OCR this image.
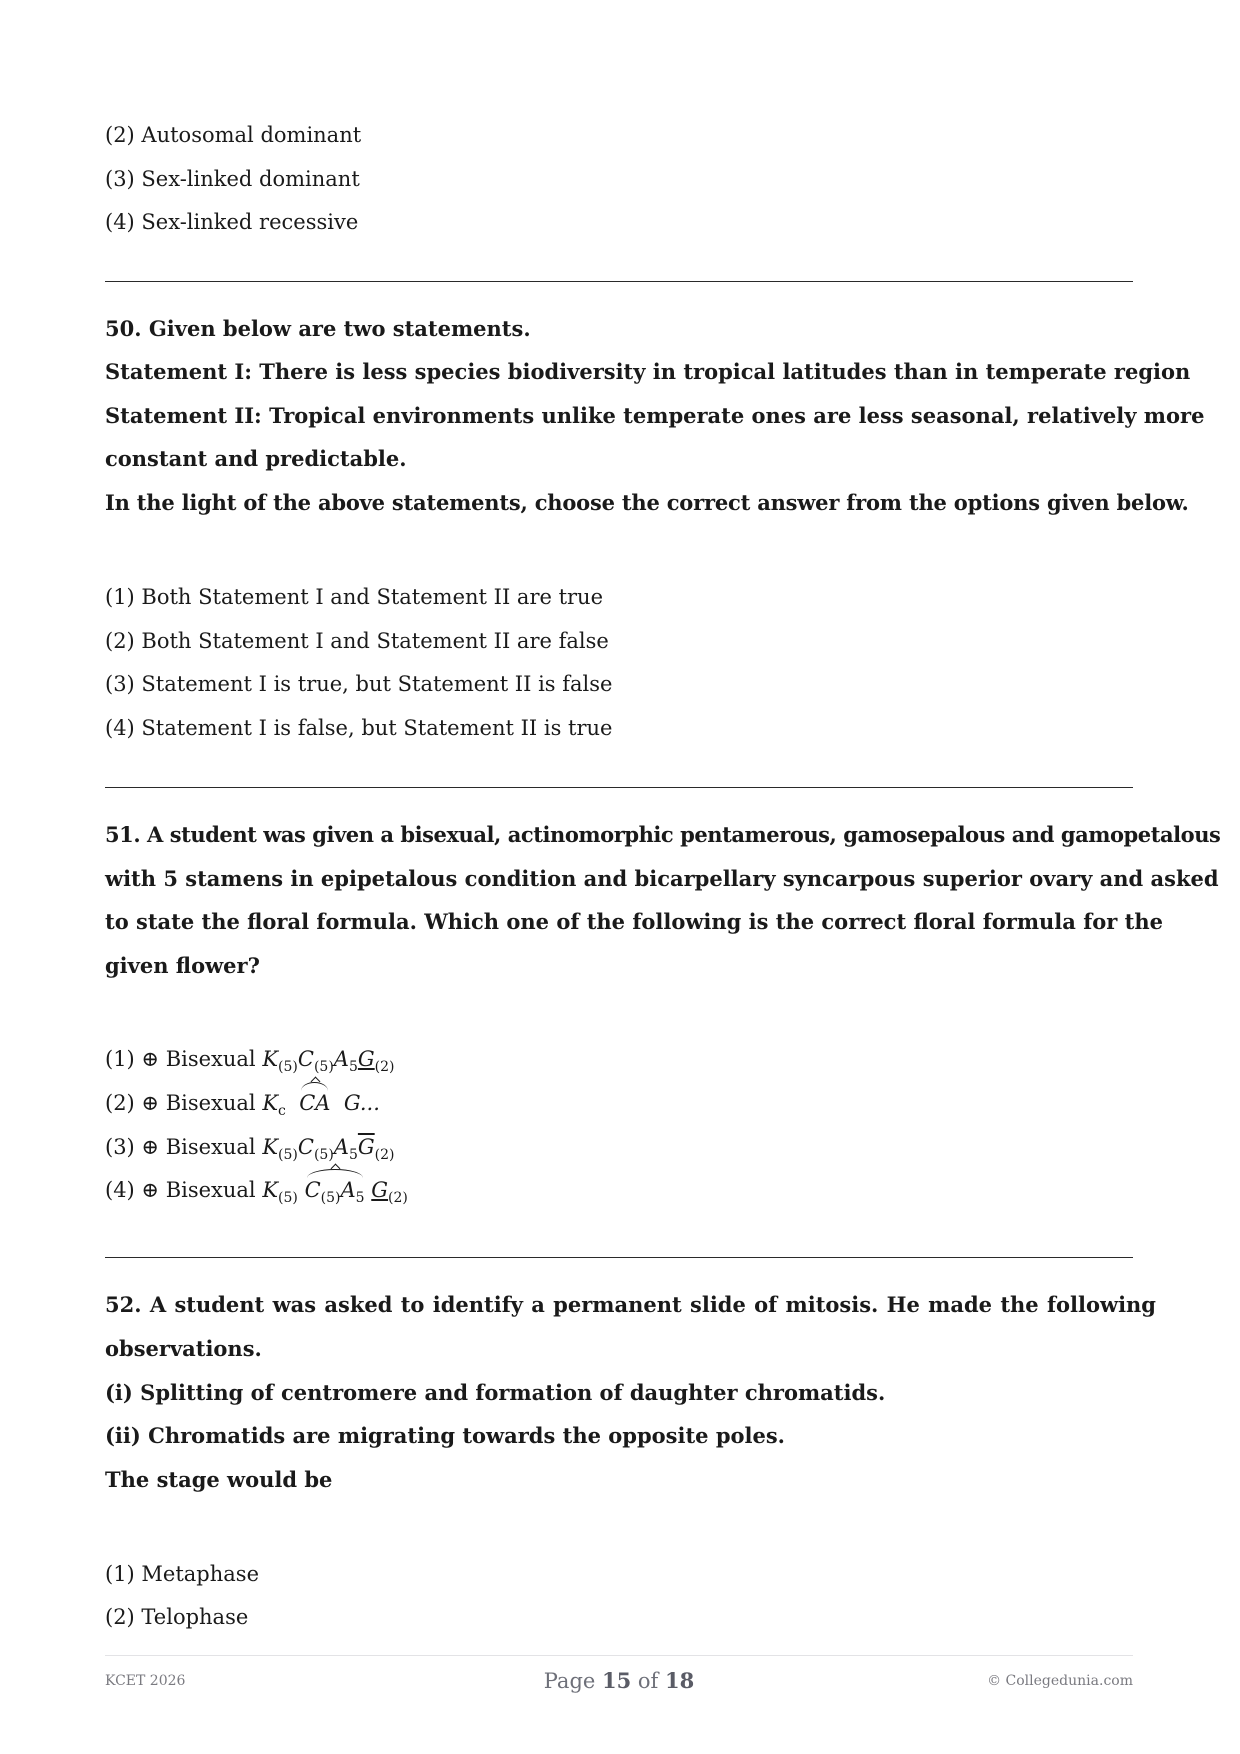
(2) Autosomal dominant
(3) Sex-linked dominant
(4) Sex-linked recessive
50. Given below are two statements.
Statement I: There is less species biodiversity in tropical latitudes than in temperate region
Statement II: Tropical environments unlike temperate ones are less seasonal, relatively more
constant and predictable.
In the light of the above statements, choose the correct answer from the options given below.
(1) Both Statement I and Statement II are true
(2) Both Statement I and Statement II are false
(3) Statement I is true, but Statement II is false
(4) Statement I is false, but Statement II is true
51. A student was given a bisexual, actinomorphic pentamerous, gamosepalous and gamopetalous
with 5 stamens in epipetalous condition and bicarpellary syncarpous superior ovary and asked
to state the floral formula. Which one of the following is the correct floral formula for the
given flower?
(1) ⊕ Bisexual $K_{(5)}C_{(5)}A_5G_{(2)}$
(2) ⊕ Bisexual $K_c$ CA G...
(3) ⊕ Bisexual $K_{(5)}C_{(5)}A_5\overline{G}_{(2)}$
(4) ⊕ Bisexual $K_{(5)}$ $C_{(5)}A_5$ $G_{(2)}$
52. A student was asked to identify a permanent slide of mitosis. He made the following
observations.
(i) Splitting of centromere and formation of daughter chromatids.
(ii) Chromatids are migrating towards the opposite poles.
The stage would be
(1) Metaphase
(2) Telophase
KCET 2026	Page 15 of 18	© Collegedunia.com
